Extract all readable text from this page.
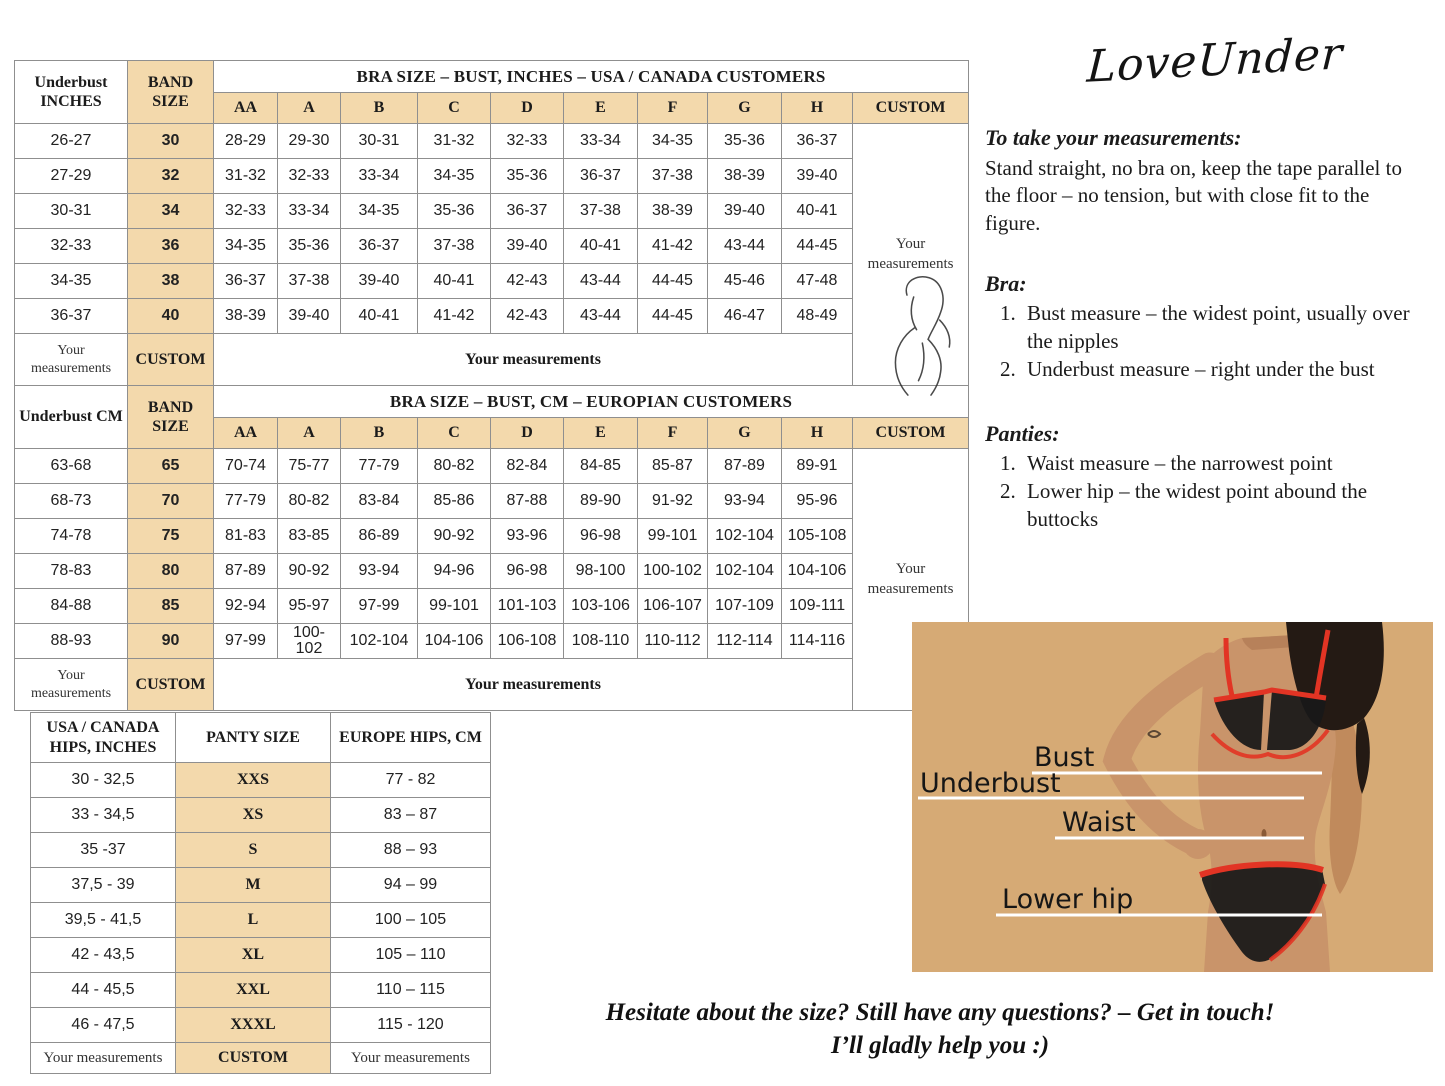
Underbust INCHES	BAND SIZE	BRA SIZE – BUST, INCHES – USA / CANADA CUSTOMERS									
		AA	A	B	C	D	E	F	G	H	CUSTOM
26-27	30	28-29	29-30	30-31	31-32	32-33	33-34	34-35	35-36	36-37	Your measurements

27-29	32	31-32	32-33	33-34	34-35	35-36	36-37	37-38	38-39	39-40	
30-31	34	32-33	33-34	34-35	35-36	36-37	37-38	38-39	39-40	40-41	
32-33	36	34-35	35-36	36-37	37-38	39-40	40-41	41-42	43-44	44-45	
34-35	38	36-37	37-38	39-40	40-41	42-43	43-44	44-45	45-46	47-48	
36-37	40	38-39	39-40	40-41	41-42	42-43	43-44	44-45	46-47	48-49	
Your measurements	CUSTOM	Your measurements									
Underbust CM	BAND SIZE	BRA SIZE – BUST, CM – EUROPIAN CUSTOMERS									
		AA	A	B	C	D	E	F	G	H	CUSTOM
63-68	65	70-74	75-77	77-79	80-82	82-84	84-85	85-87	87-89	89-91	Your measurements

68-73	70	77-79	80-82	83-84	85-86	87-88	89-90	91-92	93-94	95-96	
74-78	75	81-83	83-85	86-89	90-92	93-96	96-98	99-101	102-104	105-108	
78-83	80	87-89	90-92	93-94	94-96	96-98	98-100	100-102	102-104	104-106	
84-88	85	92-94	95-97	97-99	99-101	101-103	103-106	106-107	107-109	109-111	
88-93	90	97-99	100-102	102-104	104-106	106-108	108-110	110-112	112-114	114-116	
Your measurements	CUSTOM	Your measurements									
USA / CANADA HIPS, INCHES	PANTY SIZE	EUROPE HIPS, CM
30 - 32,5	XXS	77 - 82
33 - 34,5	XS	83 – 87
35 -37	S	88 – 93
37,5 - 39	M	94 – 99
39,5 - 41,5	L	100 – 105
42 - 43,5	XL	105 – 110
44 - 45,5	XXL	110 – 115
46 - 47,5	XXXL	115 - 120
Your measurements	CUSTOM	Your measurements
LoveUnder

To take your measurements:

Stand straight, no bra on, keep the tape parallel to the floor – no tension, but with close fit to the figure.

Bra:

1. Bust measure – the widest point, usually over the nipples
2. Underbust measure – right under the bust

Panties:

1. Waist measure – the narrowest point
2. Lower hip – the widest point abound the buttocks
Bust
Underbust
Waist
Lower hip
Hesitate about the size? Still have any questions? – Get in touch!
I’ll gladly help you :)
